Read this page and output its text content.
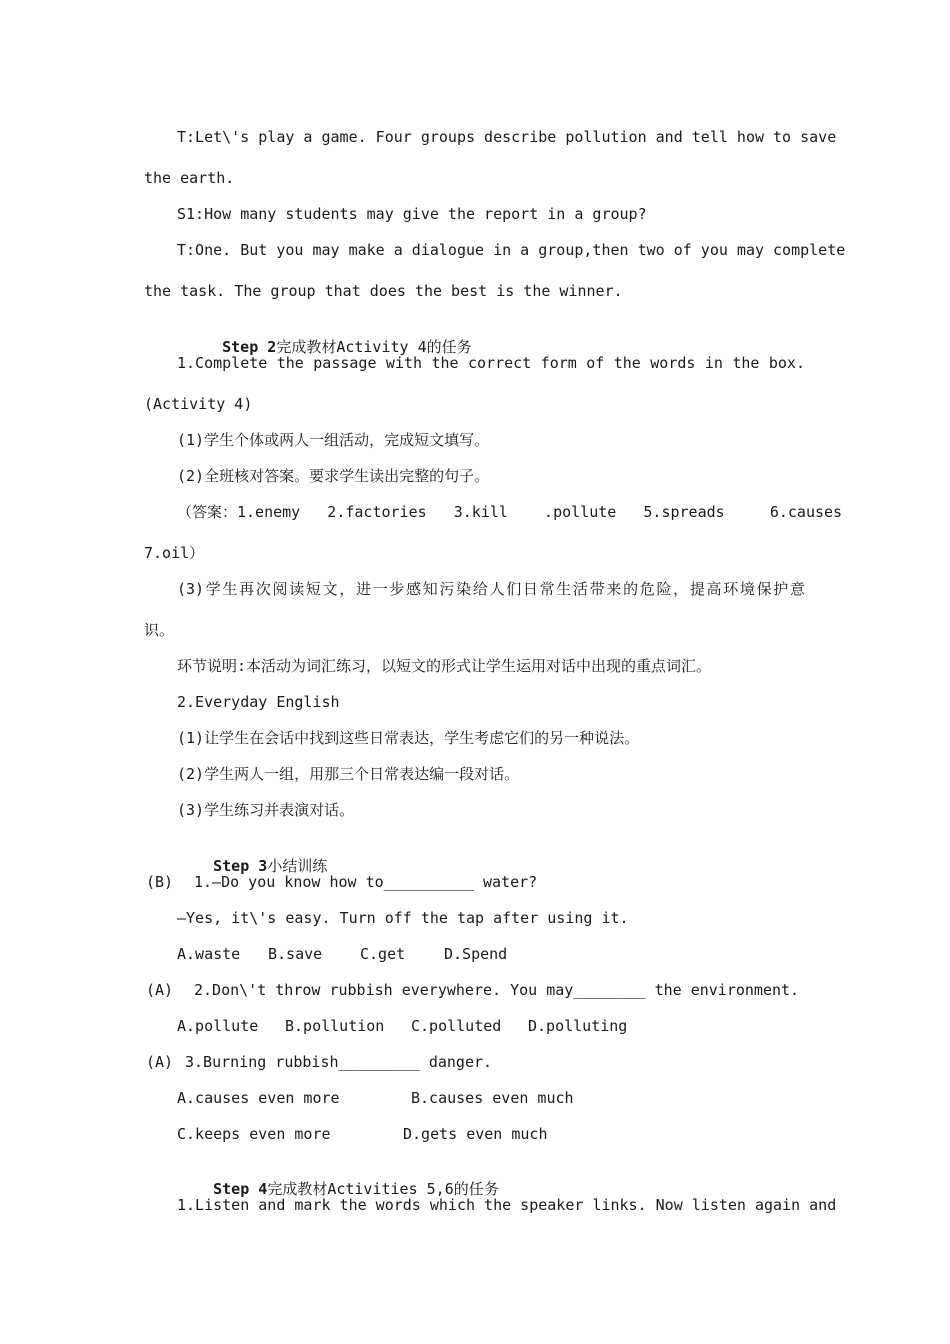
T:Let\'s play a game. Four groups describe pollution and tell how to save
the earth.
S1:How many students may give the report in a group?
T:One. But you may make a dialogue in a group,then two of you may complete
the task. The group that does the best is the winner.

Step 2完成教材Activity 4的任务

1.Complete the passage with the correct form of the words in the box.
(Activity 4)
(1)学生个体或两人一组活动，完成短文填写。
(2)全班核对答案。要求学生读出完整的句子。
（答案：1.enemy   2.factories   3.kill    .pollute   5.spreads     6.causes
7.oil）
(3)学生再次阅读短文，进一步感知污染给人们日常生活带来的危险，提高环境保护意
识。
环节说明:本活动为词汇练习，以短文的形式让学生运用对话中出现的重点词汇。
2.Everyday English
(1)让学生在会话中找到这些日常表达，学生考虑它们的另一种说法。
(2)学生两人一组，用那三个日常表达编一段对话。
(3)学生练习并表演对话。

Step 3小结训练

(B) 1.—Do you know how to__________ water?
—Yes, it\'s easy. Turn off the tap after using it.
A.waste B.save	C.get	D.Spend
(A) 2.Don\'t throw rubbish everywhere. You may________ the environment.
A.pollute B.pollution C.polluted D.polluting
(A) 3.Burning rubbish_________ danger.
A.causes even more	B.causes even much
C.keeps even more	D.gets even much

Step 4完成教材Activities 5,6的任务

1.Listen and mark the words which the speaker links. Now listen again and
